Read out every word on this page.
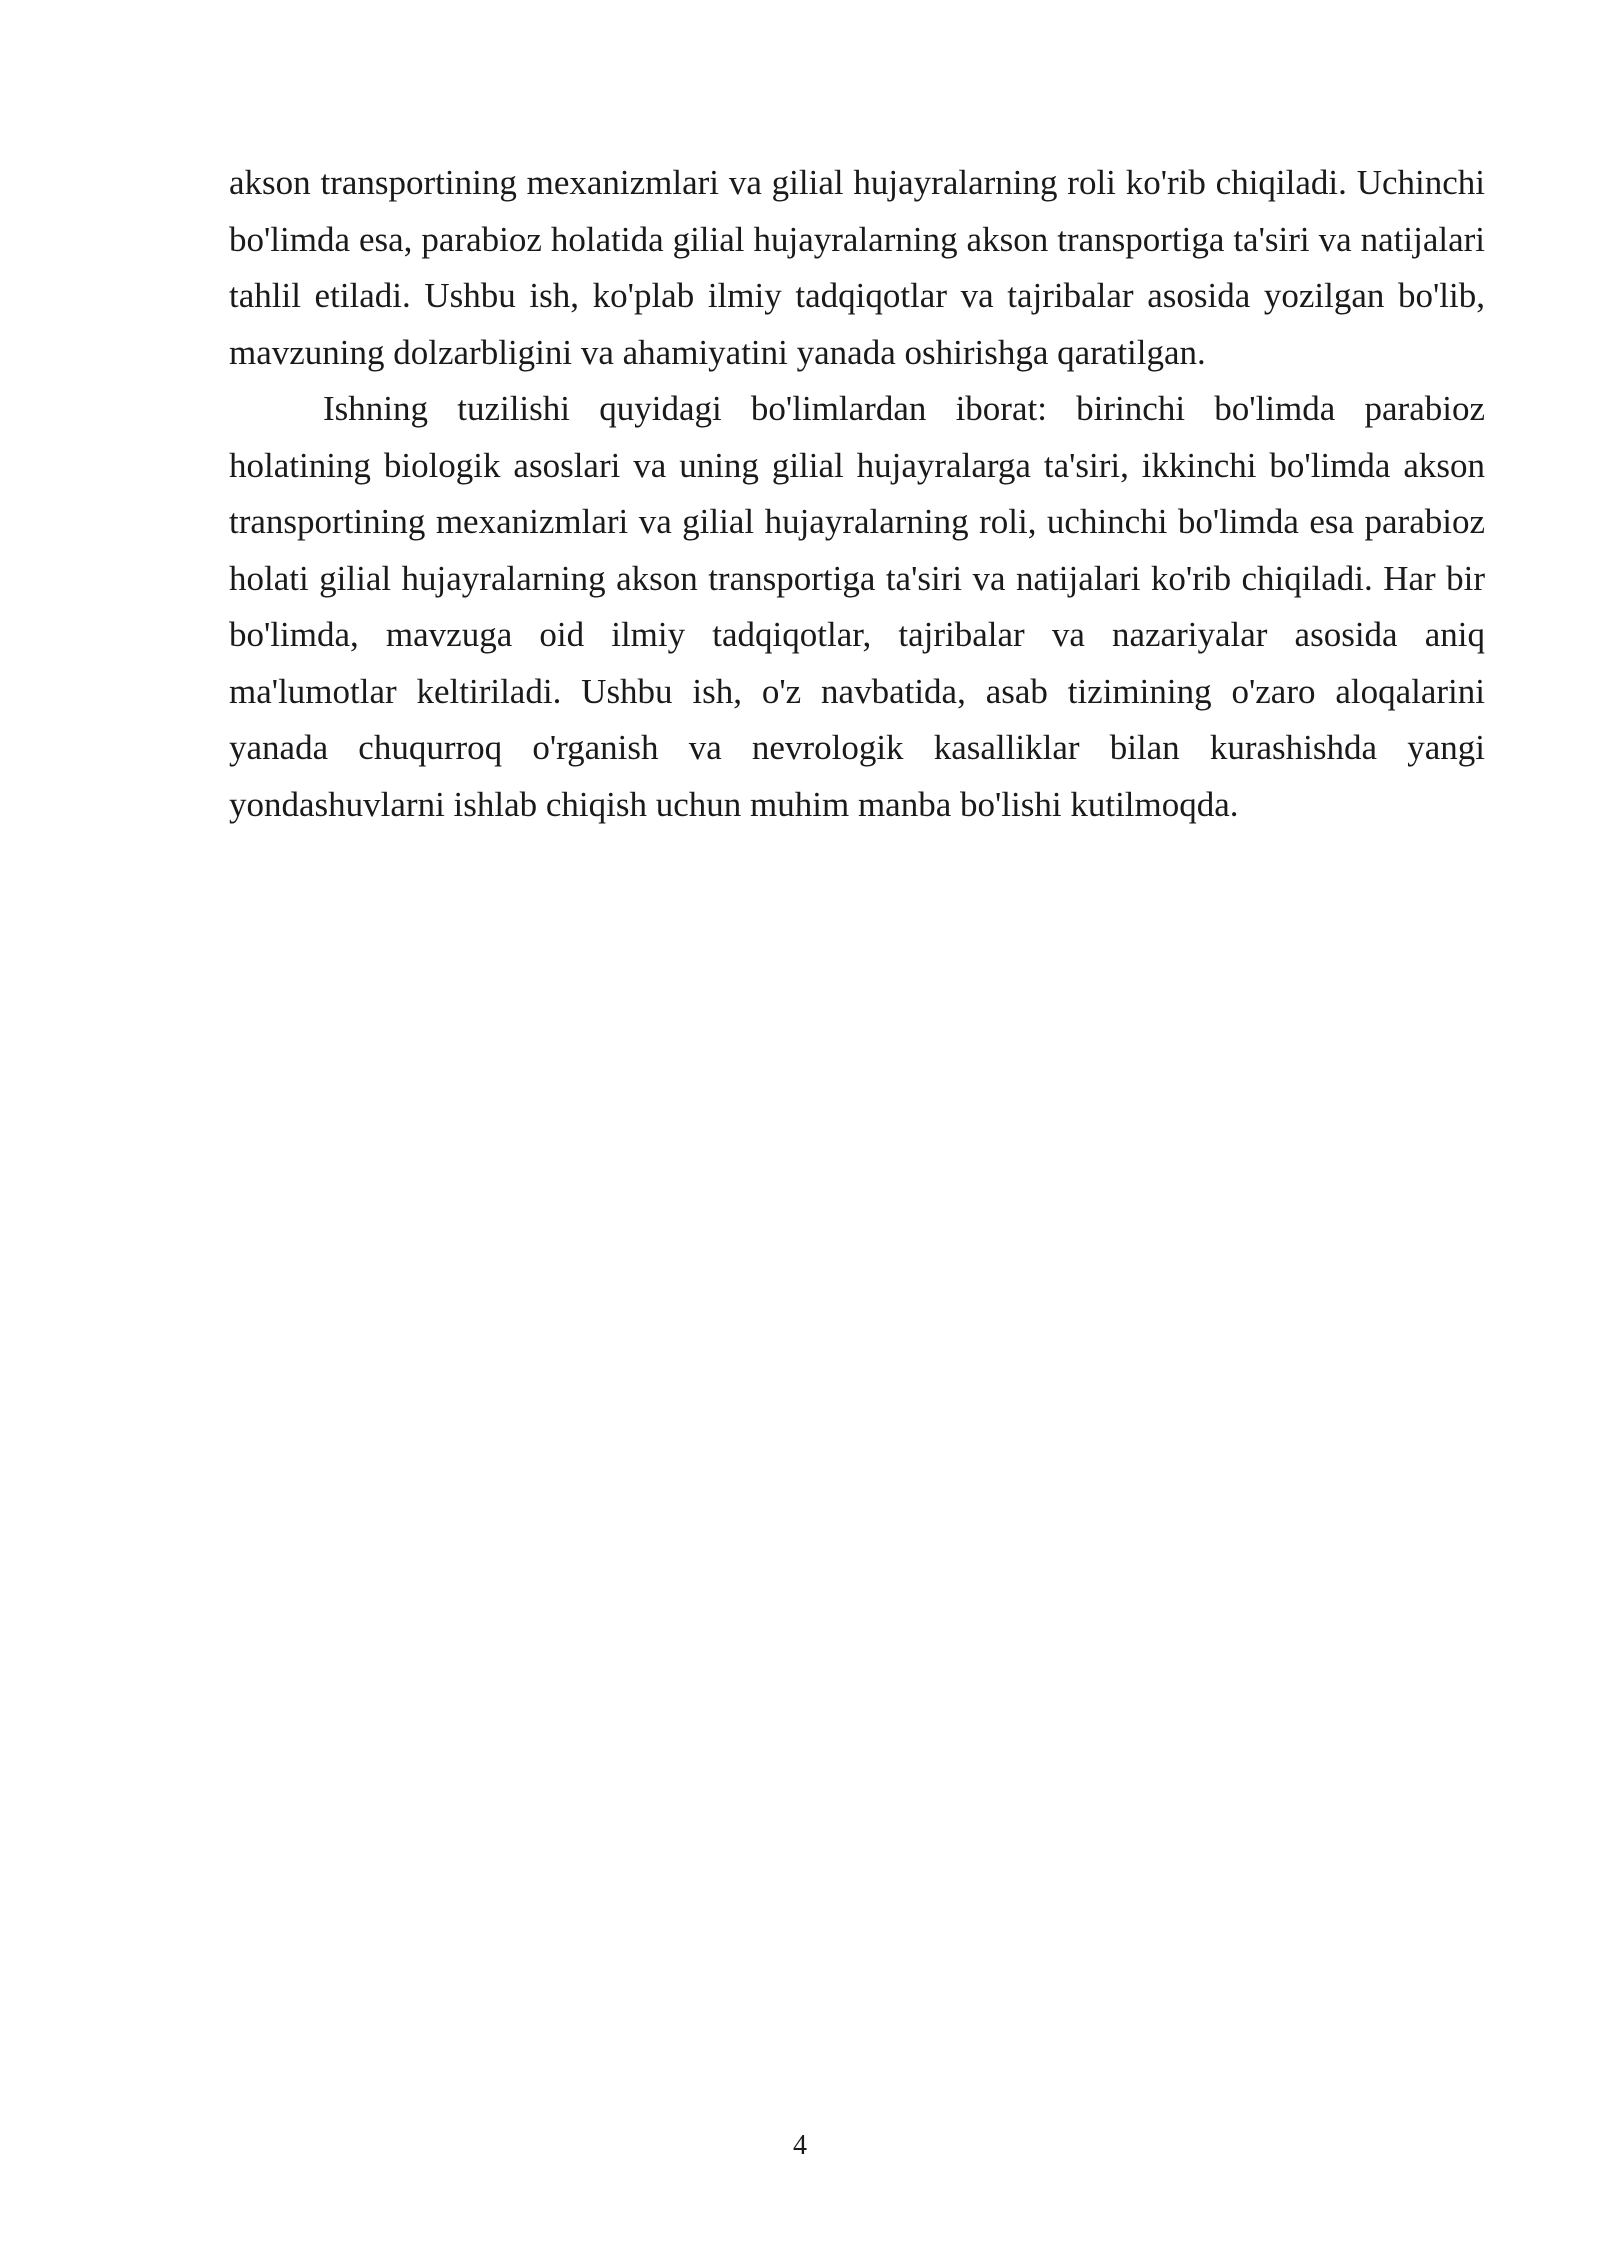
akson transportining mexanizmlari va gilial hujayralarning roli ko'rib chiqiladi. Uchinchi bo'limda esa, parabioz holatida gilial hujayralarning akson transportiga ta'siri va natijalari tahlil etiladi. Ushbu ish, ko'plab ilmiy tadqiqotlar va tajribalar asosida yozilgan bo'lib, mavzuning dolzarbligini va ahamiyatini yanada oshirishga qaratilgan.

Ishning tuzilishi quyidagi bo'limlardan iborat: birinchi bo'limda parabioz holatining biologik asoslari va uning gilial hujayralarga ta'siri, ikkinchi bo'limda akson transportining mexanizmlari va gilial hujayralarning roli, uchinchi bo'limda esa parabioz holati gilial hujayralarning akson transportiga ta'siri va natijalari ko'rib chiqiladi. Har bir bo'limda, mavzuga oid ilmiy tadqiqotlar, tajribalar va nazariyalar asosida aniq ma'lumotlar keltiriladi. Ushbu ish, o'z navbatida, asab tizimining o'zaro aloqalarini yanada chuqurroq o'rganish va nevrologik kasalliklar bilan kurashishda yangi yondashuvlarni ishlab chiqish uchun muhim manba bo'lishi kutilmoqda.

4
